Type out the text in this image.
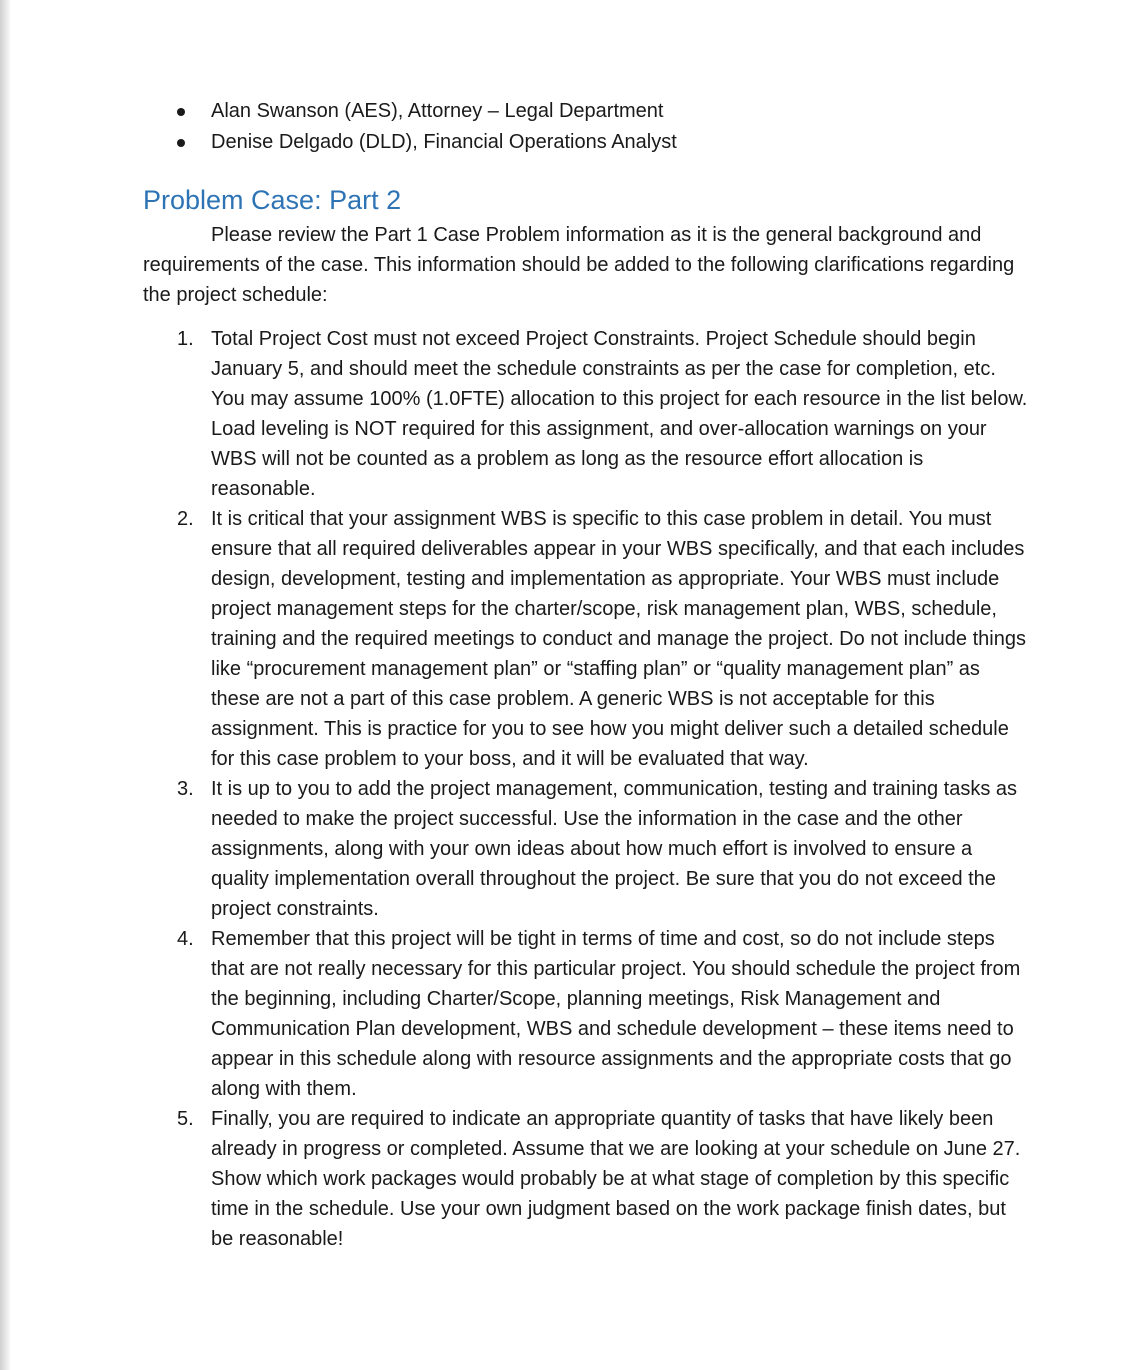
Alan Swanson (AES), Attorney – Legal Department
Denise Delgado (DLD), Financial Operations Analyst
Problem Case: Part 2

Please review the Part 1 Case Problem information as it is the general background and requirements of the case. This information should be added to the following clarifications regarding the project schedule:

1. Total Project Cost must not exceed Project Constraints. Project Schedule should begin January 5, and should meet the schedule constraints as per the case for completion, etc. You may assume 100% (1.0FTE) allocation to this project for each resource in the list below. Load leveling is NOT required for this assignment, and over-allocation warnings on your WBS will not be counted as a problem as long as the resource effort allocation is reasonable.
2. It is critical that your assignment WBS is specific to this case problem in detail. You must ensure that all required deliverables appear in your WBS specifically, and that each includes design, development, testing and implementation as appropriate. Your WBS must include project management steps for the charter/scope, risk management plan, WBS, schedule, training and the required meetings to conduct and manage the project. Do not include things like “procurement management plan” or “staffing plan” or “quality management plan” as these are not a part of this case problem. A generic WBS is not acceptable for this assignment. This is practice for you to see how you might deliver such a detailed schedule for this case problem to your boss, and it will be evaluated that way.
3. It is up to you to add the project management, communication, testing and training tasks as needed to make the project successful. Use the information in the case and the other assignments, along with your own ideas about how much effort is involved to ensure a quality implementation overall throughout the project. Be sure that you do not exceed the project constraints.
4. Remember that this project will be tight in terms of time and cost, so do not include steps that are not really necessary for this particular project. You should schedule the project from the beginning, including Charter/Scope, planning meetings, Risk Management and Communication Plan development, WBS and schedule development – these items need to appear in this schedule along with resource assignments and the appropriate costs that go along with them.
5. Finally, you are required to indicate an appropriate quantity of tasks that have likely been already in progress or completed. Assume that we are looking at your schedule on June 27. Show which work packages would probably be at what stage of completion by this specific time in the schedule. Use your own judgment based on the work package finish dates, but be reasonable!
